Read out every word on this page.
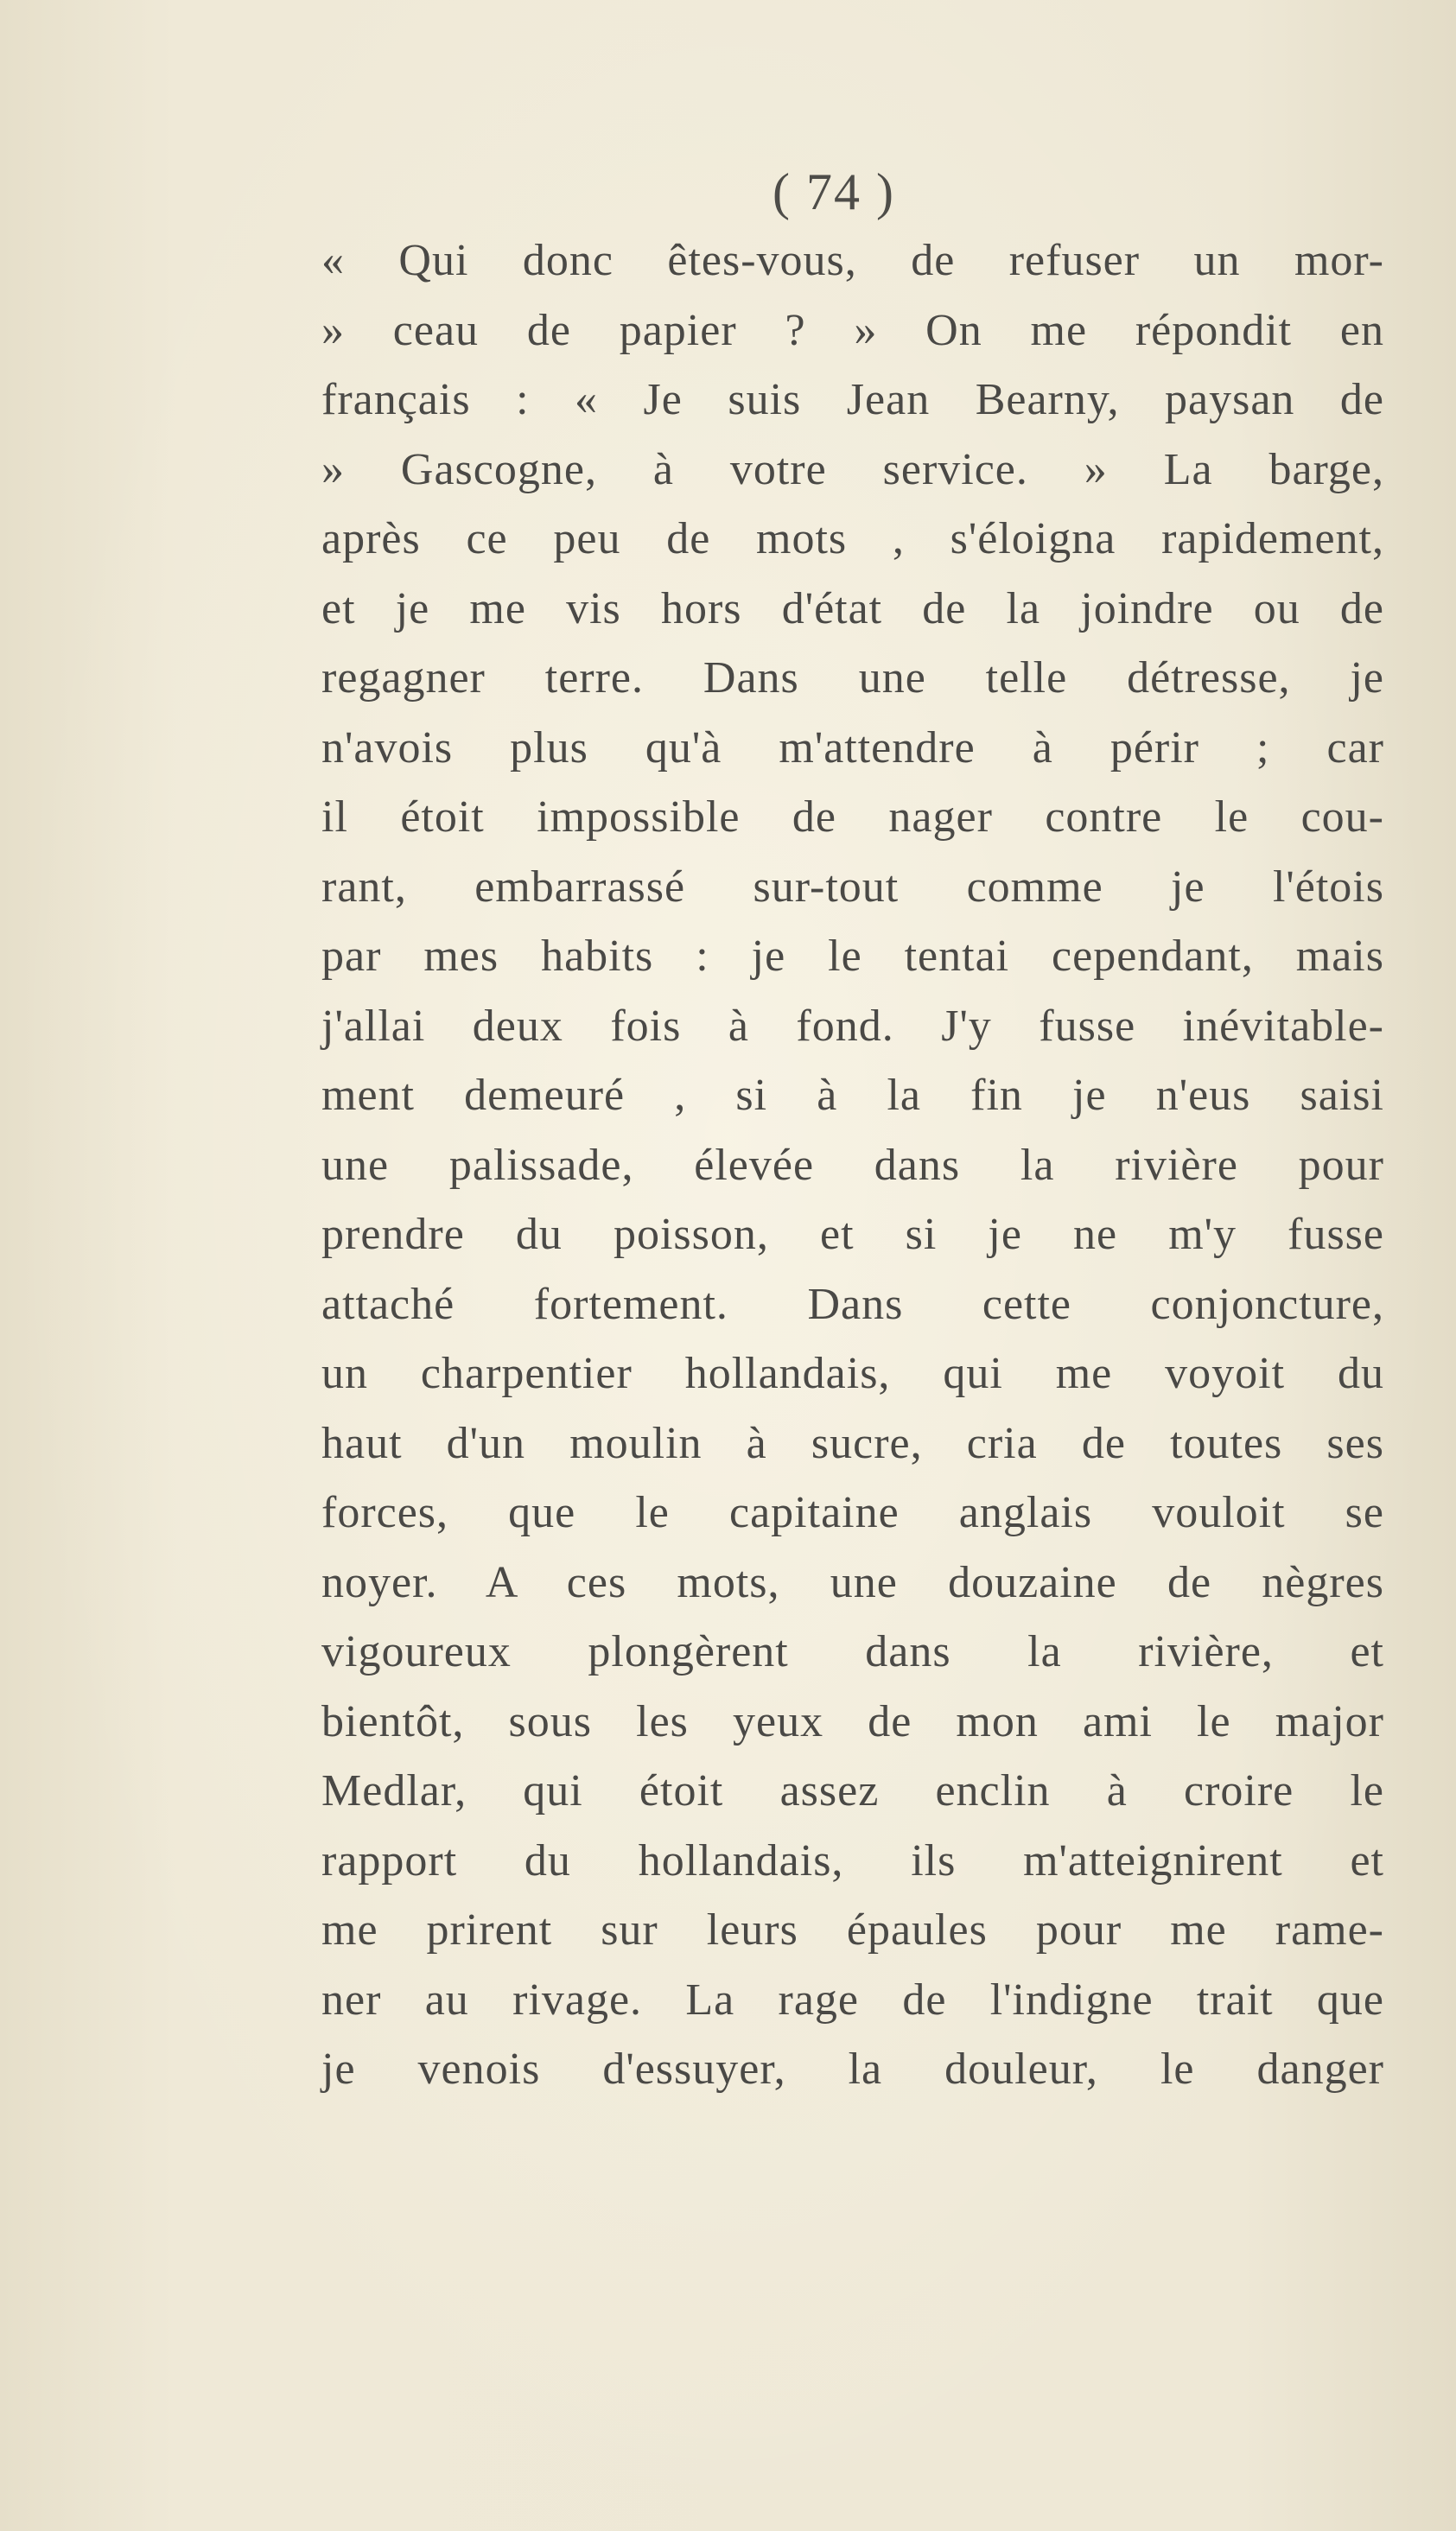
( 74 )
« Qui donc êtes-vous, de refuser un mor-
» ceau de papier ? » On me répondit en
français : « Je suis Jean Bearny, paysan de
» Gascogne, à votre service. » La barge,
après ce peu de mots , s'éloigna rapidement,
et je me vis hors d'état de la joindre ou de
regagner terre. Dans une telle détresse, je
n'avois plus qu'à m'attendre à périr ; car
il étoit impossible de nager contre le cou-
rant, embarrassé sur-tout comme je l'étois
par mes habits : je le tentai cependant, mais
j'allai deux fois à fond. J'y fusse inévitable-
ment demeuré , si à la fin je n'eus saisi
une palissade, élevée dans la rivière pour
prendre du poisson, et si je ne m'y fusse
attaché fortement. Dans cette conjoncture,
un charpentier hollandais, qui me voyoit du
haut d'un moulin à sucre, cria de toutes ses
forces, que le capitaine anglais vouloit se
noyer. A ces mots, une douzaine de nègres
vigoureux plongèrent dans la rivière, et
bientôt, sous les yeux de mon ami le major
Medlar, qui étoit assez enclin à croire le
rapport du hollandais, ils m'atteignirent et
me prirent sur leurs épaules pour me rame-
ner au rivage. La rage de l'indigne trait que
je venois d'essuyer, la douleur, le danger
